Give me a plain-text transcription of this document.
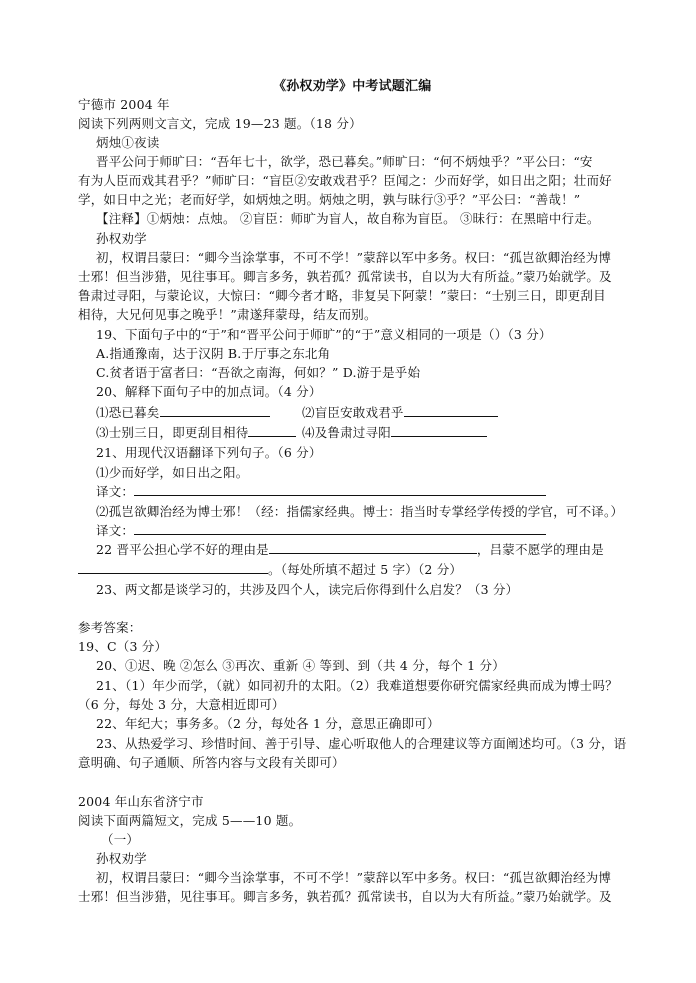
《孙权劝学》中考试题汇编
宁德市 2004 年
阅读下列两则文言文，完成 19—23 题。（18 分）
炳烛①夜读
晋平公问于师旷曰：“吾年七十，欲学，恐已暮矣。”师旷曰：“何不炳烛乎？”平公曰：“安
有为人臣而戏其君乎？”师旷曰：“盲臣②安敢戏君乎？臣闻之：少而好学，如日出之阳；壮而好
学，如日中之光；老而好学，如炳烛之明。炳烛之明，孰与昧行③乎？”平公曰：“善哉！”
【注释】①炳烛：点烛。 ②盲臣：师旷为盲人，故自称为盲臣。 ③昧行：在黑暗中行走。
孙权劝学
初，权谓吕蒙曰：“卿今当涂掌事，不可不学！”蒙辞以军中多务。权曰：“孤岂欲卿治经为博
士邪！但当涉猎，见往事耳。卿言多务，孰若孤？孤常读书，自以为大有所益。”蒙乃始就学。及
鲁肃过寻阳，与蒙论议，大惊曰：“卿今者才略，非复吴下阿蒙！”蒙曰：“士别三日，即更刮目
相待，大兄何见事之晚乎！”肃遂拜蒙母，结友而别。
19、下面句子中的“于”和“晋平公问于师旷”的“于”意义相同的一项是（）（3 分）
A.指通豫南，达于汉阴 B.于厅事之东北角
C.贫者语于富者曰：“吾欲之南海，何如？” D.游于是乎始
20、解释下面句子中的加点词。（4 分）
⑴恐已暮矣	⑵盲臣安敢戏君乎
⑶士别三日，即更刮目相待	⑷及鲁肃过寻阳
21、用现代汉语翻译下列句子。（6 分）
⑴少而好学，如日出之阳。
译文：
⑵孤岂欲卿治经为博士邪！（经：指儒家经典。博士：指当时专掌经学传授的学官，可不译。）
译文：
22 晋平公担心学不好的理由是	，吕蒙不愿学的理由是
。（每处所填不超过 5 字）（2 分）
23、两文都是谈学习的，共涉及四个人，读完后你得到什么启发？（3 分）
参考答案：
19、C（3 分）
20、①迟、晚 ②怎么 ③再次、重新 ④ 等到、到（共 4 分，每个 1 分）
21、（1）年少而学，（就）如同初升的太阳。（2）我难道想要你研究儒家经典而成为博士吗？
（6 分，每处 3 分，大意相近即可）
22、年纪大；事务多。（2 分，每处各 1 分，意思正确即可）
23、从热爱学习、珍惜时间、善于引导、虚心听取他人的合理建议等方面阐述均可。（3 分，语
意明确、句子通顺、所答内容与文段有关即可）
2004 年山东省济宁市
阅读下面两篇短文，完成 5——10 题。
（一）
孙权劝学
初，权谓吕蒙曰：“卿今当涂掌事，不可不学！”蒙辞以军中多务。权曰：“孤岂欲卿治经为博
士邪！但当涉猎，见往事耳。卿言多务，孰若孤？孤常读书，自以为大有所益。”蒙乃始就学。及
